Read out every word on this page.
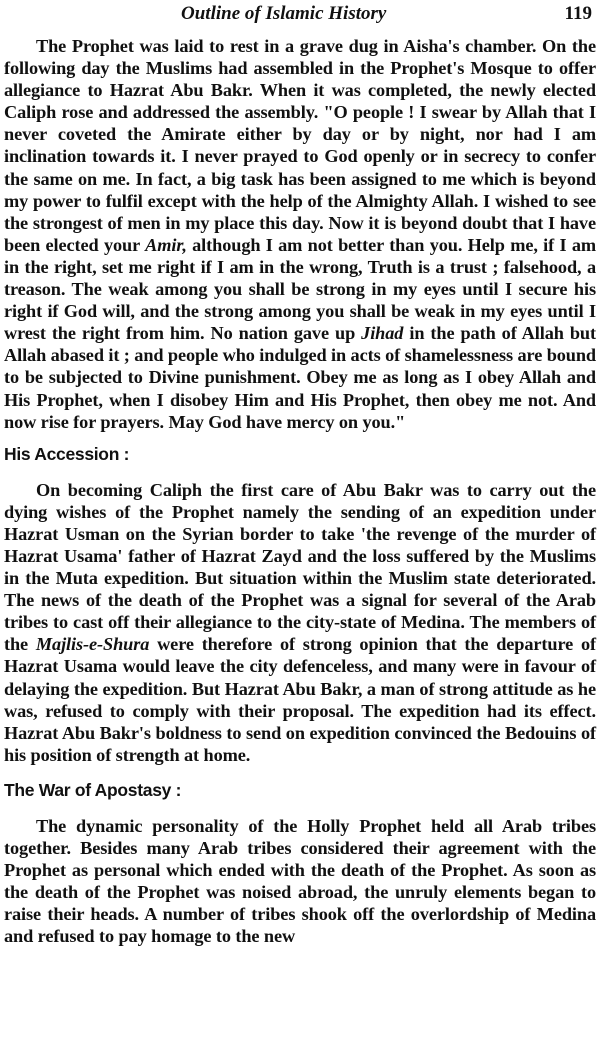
Outline of Islamic History	119

The Prophet was laid to rest in a grave dug in Aisha's chamber. On the following day the Muslims had assembled in the Prophet's Mosque to offer allegiance to Hazrat Abu Bakr. When it was completed, the newly elected Caliph rose and addressed the assembly. "O people ! I swear by Allah that I never coveted the Amirate either by day or by night, nor had I am inclination towards it. I never prayed to God openly or in secrecy to confer the same on me. In fact, a big task has been assigned to me which is beyond my power to fulfil except with the help of the Almighty Allah. I wished to see the strongest of men in my place this day. Now it is beyond doubt that I have been elected your Amir, although I am not better than you. Help me, if I am in the right, set me right if I am in the wrong, Truth is a trust ; falsehood, a treason. The weak among you shall be strong in my eyes until I secure his right if God will, and the strong among you shall be weak in my eyes until I wrest the right from him. No nation gave up Jihad in the path of Allah but Allah abased it ; and people who indulged in acts of shamelessness are bound to be subjected to Divine punishment. Obey me as long as I obey Allah and His Prophet, when I disobey Him and His Prophet, then obey me not. And now rise for prayers. May God have mercy on you."

His Accession :

On becoming Caliph the first care of Abu Bakr was to carry out the dying wishes of the Prophet namely the sending of an expedition under Hazrat Usman on the Syrian border to take 'the revenge of the murder of Hazrat Usama' father of Hazrat Zayd and the loss suffered by the Muslims in the Muta expedition. But situation within the Muslim state deteriorated. The news of the death of the Prophet was a signal for several of the Arab tribes to cast off their allegiance to the city-state of Medina. The members of the Majlis-e-Shura were therefore of strong opinion that the departure of Hazrat Usama would leave the city defenceless, and many were in favour of delaying the expedition. But Hazrat Abu Bakr, a man of strong attitude as he was, refused to comply with their proposal. The expedition had its effect. Hazrat Abu Bakr's boldness to send on expedition convinced the Bedouins of his position of strength at home.

The War of Apostasy :

The dynamic personality of the Holly Prophet held all Arab tribes together. Besides many Arab tribes considered their agreement with the Prophet as personal which ended with the death of the Prophet. As soon as the death of the Prophet was noised abroad, the unruly elements began to raise their heads. A number of tribes shook off the overlordship of Medina and refused to pay homage to the new
